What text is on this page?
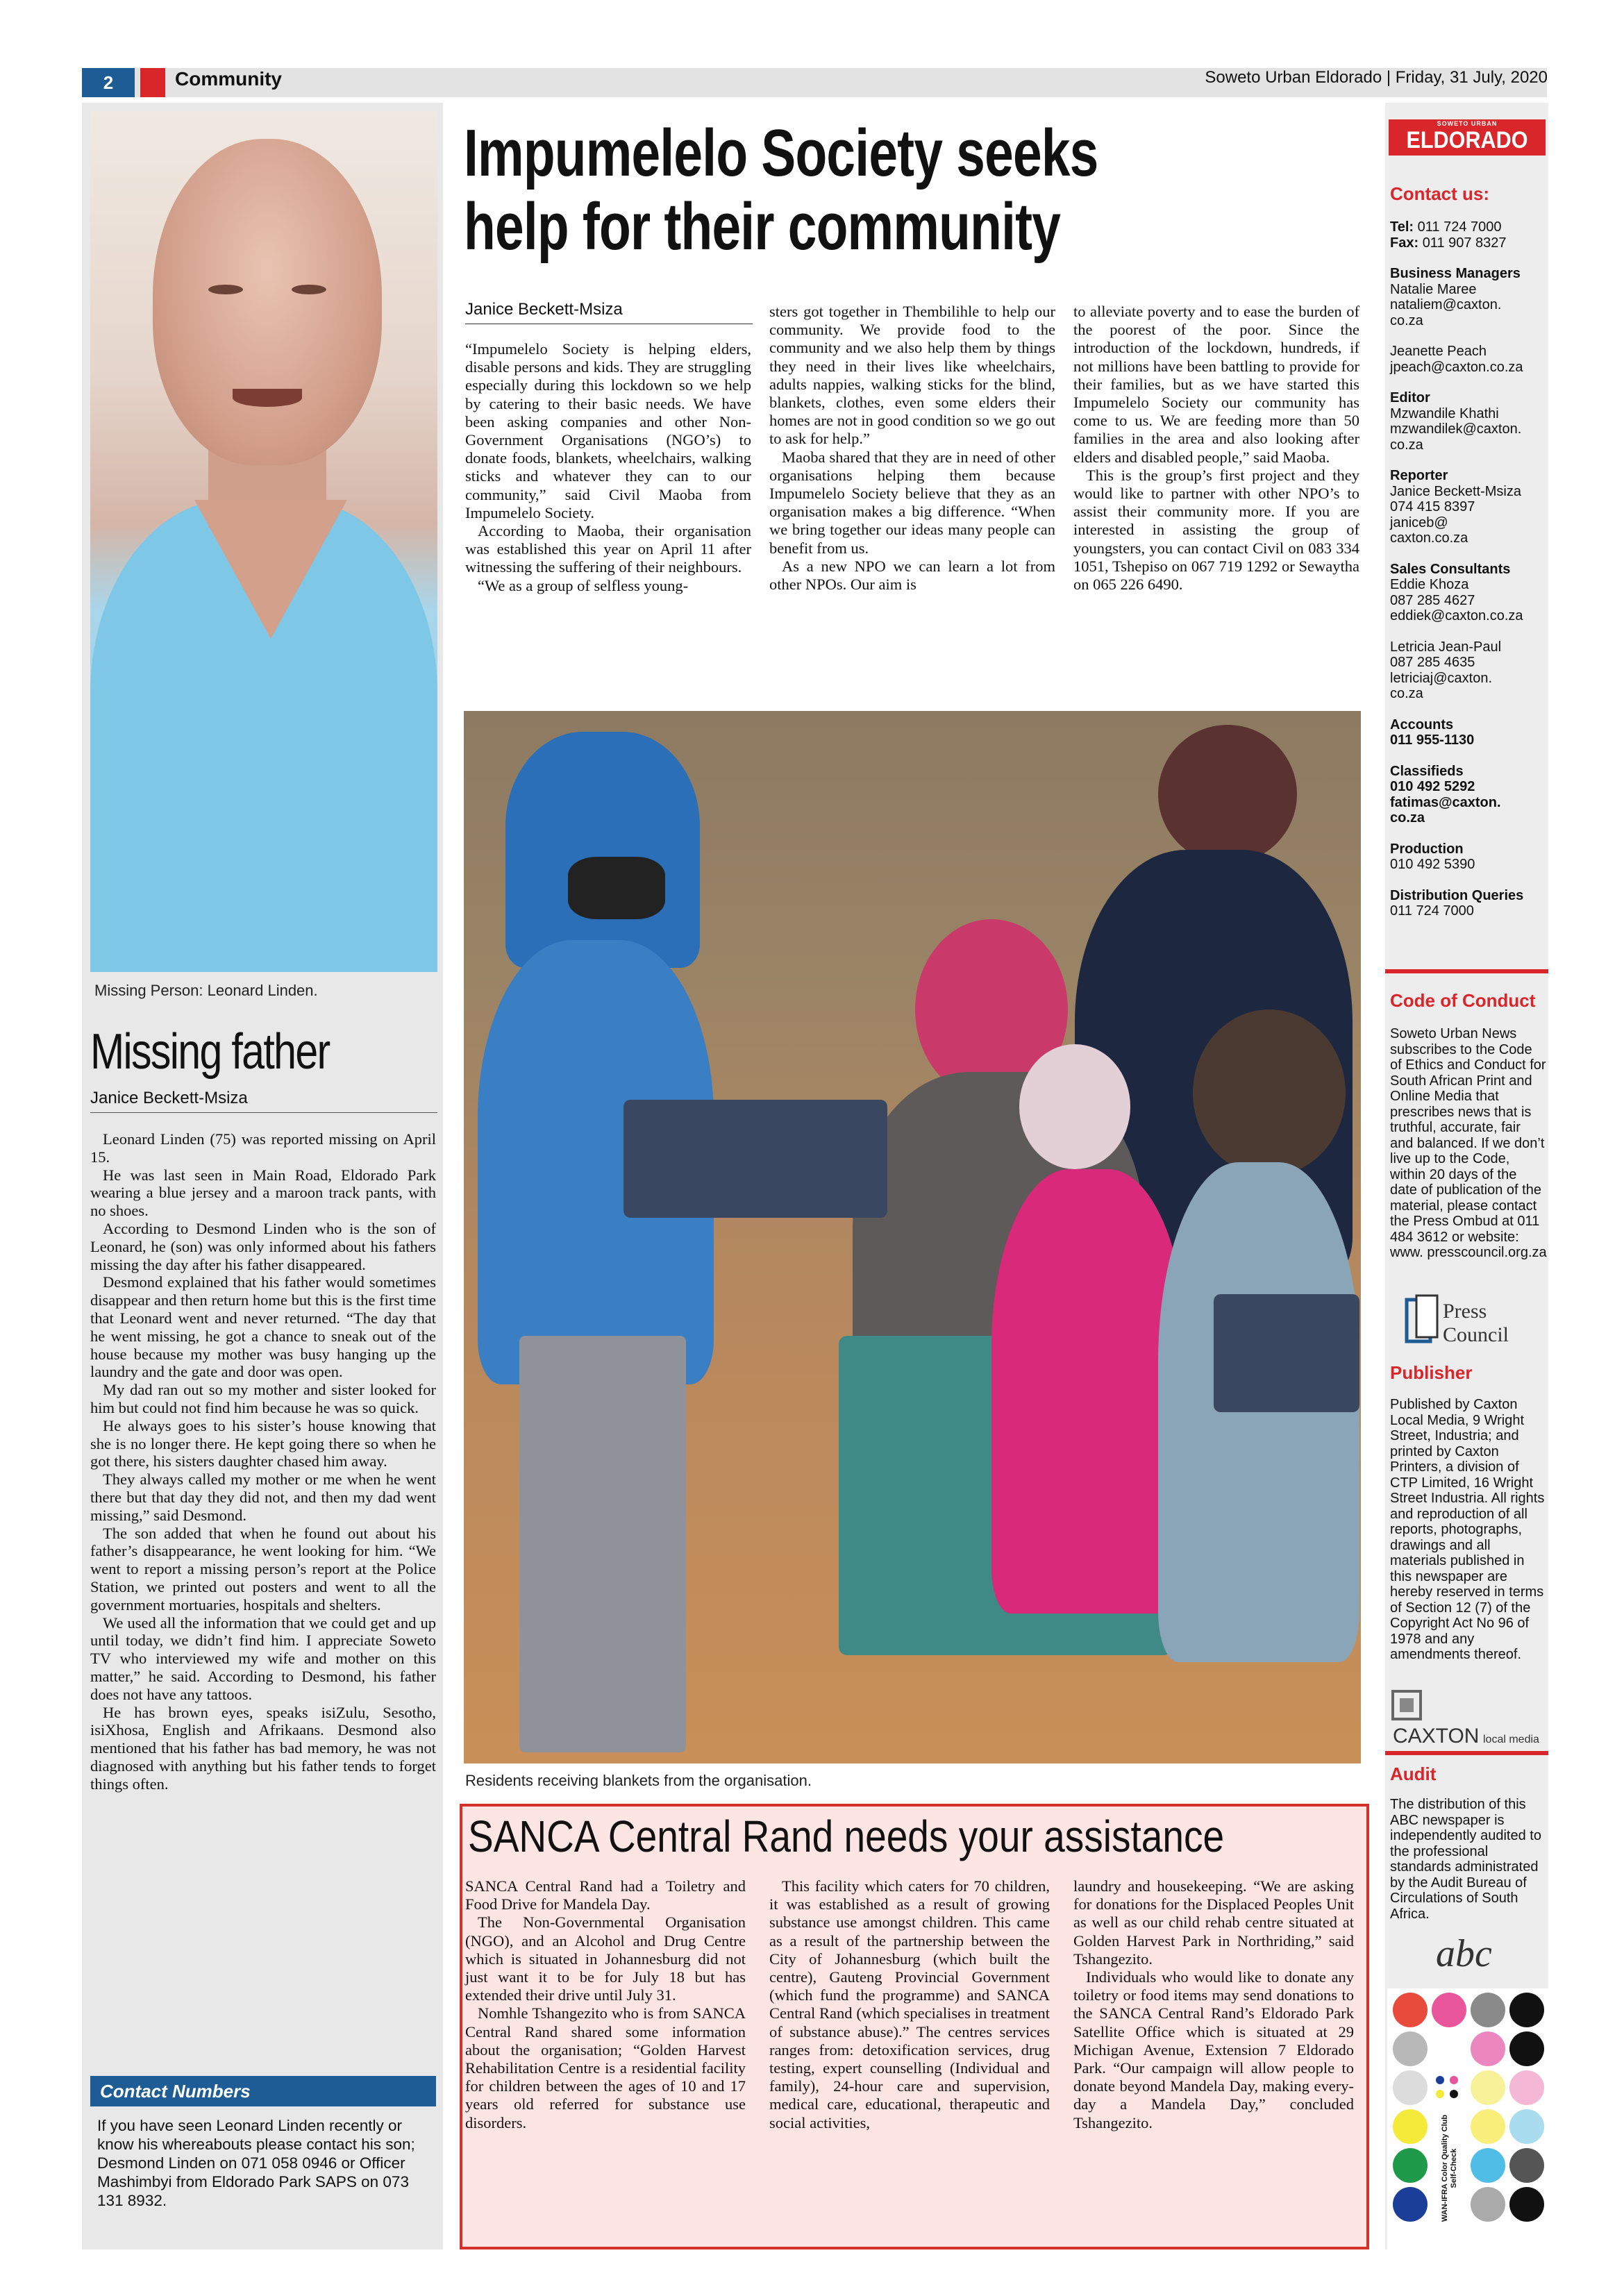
2	Community	Soweto Urban Eldorado | Friday, 31 July, 2020
Missing Person: Leonard Linden.
Missing father
Janice Beckett-Msiza

Leonard Linden (75) was reported missing on April 15.

He was last seen in Main Road, Eldorado Park wearing a blue jersey and a maroon track pants, with no shoes.

According to Desmond Linden who is the son of Leonard, he (son) was only informed about his fathers missing the day after his father disappeared.

Desmond explained that his father would sometimes disappear and then return home but this is the first time that Leonard went and never returned. “The day that he went missing, he got a chance to sneak out of the house because my mother was busy hanging up the laundry and the gate and door was open.

My dad ran out so my mother and sister looked for him but could not find him because he was so quick.

He always goes to his sister’s house knowing that she is no longer there. He kept going there so when he got there, his sisters daughter chased him away.

They always called my mother or me when he went there but that day they did not, and then my dad went missing,” said Desmond.

The son added that when he found out about his father’s disappearance, he went looking for him. “We went to report a missing person’s report at the Police Station, we printed out posters and went to all the government mortuaries, hospitals and shelters.

We used all the information that we could get and up until today, we didn’t find him. I appreciate Soweto TV who interviewed my wife and mother on this matter,” he said. According to Desmond, his father does not have any tattoos.

He has brown eyes, speaks isiZulu, Sesotho, isiXhosa, English and Afrikaans. Desmond also mentioned that his father has bad memory, he was not diagnosed with anything but his father tends to forget things often.

Contact Numbers
If you have seen Leonard Linden recently or know his whereabouts please contact his son; Desmond Linden on 071 058 0946 or Officer Mashimbyi from Eldorado Park SAPS on 073 131 8932.
Impumelelo Society seeks help for their community
Janice Beckett-Msiza

“Impumelelo Society is helping elders, disable persons and kids. They are struggling especially during this lockdown so we help by catering to their basic needs. We have been asking companies and other Non-Government Organisations (NGO’s) to donate foods, blankets, wheelchairs, walking sticks and whatever they can to our community,” said Civil Maoba from Impumelelo Society.

According to Maoba, their organisation was established this year on April 11 after witnessing the suffering of their neighbours.

“We as a group of selfless young-

sters got together in Thembilihle to help our community. We provide food to the community and we also help them by things they need in their lives like wheelchairs, adults nappies, walking sticks for the blind, blankets, clothes, even some elders their homes are not in good condition so we go out to ask for help.”

Maoba shared that they are in need of other organisations helping them because Impumelelo Society believe that they as an organisation makes a big difference. “When we bring together our ideas many people can benefit from us.

As a new NPO we can learn a lot from other NPOs. Our aim is

to alleviate poverty and to ease the burden of the poorest of the poor. Since the introduction of the lockdown, hundreds, if not millions have been battling to provide for their families, but as we have started this Impumelelo Society our community has come to us. We are feeding more than 50 families in the area and also looking after elders and disabled people,” said Maoba.

This is the group’s first project and they would like to partner with other NPO’s to assist their community more. If you are interested in assisting the group of youngsters, you can contact Civil on 083 334 1051, Tshepiso on 067 719 1292 or Sewaytha on 065 226 6490.

Residents receiving blankets from the organisation.
SANCA Central Rand needs your assistance

SANCA Central Rand had a Toiletry and Food Drive for Mandela Day.

The Non-Governmental Organisation (NGO), and an Alcohol and Drug Centre which is situated in Johannesburg did not just want it to be for July 18 but has extended their drive until July 31.

Nomhle Tshangezito who is from SANCA Central Rand shared some information about the organisation; “Golden Harvest Rehabilitation Centre is a residential facility for children between the ages of 10 and 17 years old referred for substance use disorders.

This facility which caters for 70 children, it was established as a result of growing substance use amongst children. This came as a result of the partnership between the City of Johannesburg (which built the centre), Gauteng Provincial Government (which fund the programme) and SANCA Central Rand (which specialises in treatment of substance abuse).” The centres services ranges from: detoxification services, drug testing, expert counselling (Individual and family), 24-hour care and supervision, medical care, educational, therapeutic and social activities,

laundry and housekeeping. “We are asking for donations for the Displaced Peoples Unit as well as our child rehab centre situated at Golden Harvest Park in Northriding,” said Tshangezito.

Individuals who would like to donate any toiletry or food items may send donations to the SANCA Central Rand’s Eldorado Park Satellite Office which is situated at 29 Michigan Avenue, Extension 7 Eldorado Park. “Our campaign will allow people to donate beyond Mandela Day, making every-day a Mandela Day,” concluded Tshangezito.

SOWETO URBAN
ELDORADO
Contact us:
Tel: 011 724 7000
Fax: 011 907 8327
Business Managers
Natalie Maree
nataliem@caxton.
co.za
Jeanette Peach
jpeach@caxton.co.za
Editor
Mzwandile Khathi
mzwandilek@caxton.
co.za
Reporter
Janice Beckett-Msiza
074 415 8397
janiceb@
caxton.co.za
Sales Consultants
Eddie Khoza
087 285 4627
eddiek@caxton.co.za
Letricia Jean-Paul
087 285 4635
letriciaj@caxton.
co.za
Accounts
011 955-1130
Classifieds
010 492 5292
fatimas@caxton.
co.za
Production
010 492 5390
Distribution Queries
011 724 7000
Code of Conduct
Soweto Urban News subscribes to the Code of Ethics and Conduct for South African Print and Online Media that prescribes news that is truthful, accurate, fair and balanced. If we don’t live up to the Code, within 20 days of the date of publication of the material, please contact the Press Ombud at 011 484 3612 or website: www. presscouncil.org.za
Press
Council
Publisher
Published by Caxton Local Media, 9 Wright Street, Industria; and printed by Caxton Printers, a division of CTP Limited, 16 Wright Street Industria. All rights and reproduction of all reports, photographs, drawings and all materials published in this newspaper are hereby reserved in terms of Section 12 (7) of the Copyright Act No 96 of 1978 and any amendments thereof.
CAXTON local media
Audit
The distribution of this ABC newspaper is independently audited to the professional standards administrated by the Audit Bureau of Circulations of South Africa.
abc
WAN-IFRA Color Quality Club Self-Check
